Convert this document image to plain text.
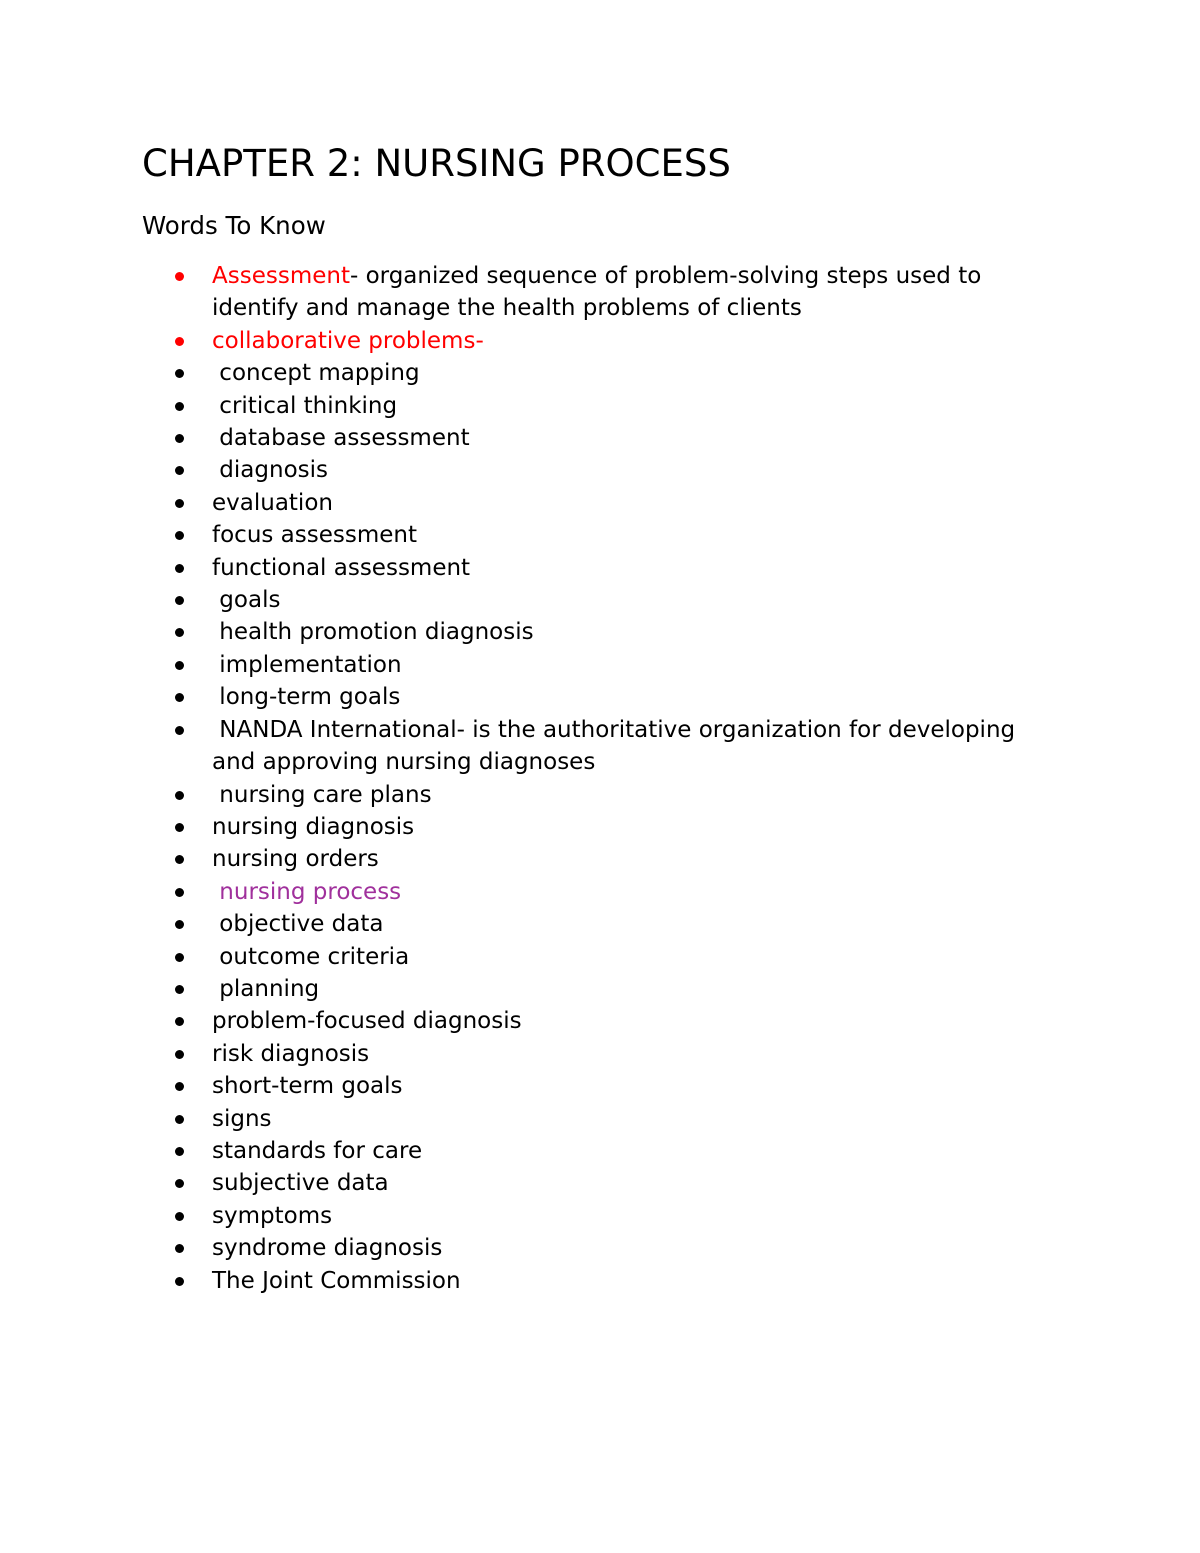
CHAPTER 2: NURSING PROCESS
Words To Know
Assessment- organized sequence of problem-solving steps used to
identify and manage the health problems of clients
collaborative problems-
concept mapping
critical thinking
database assessment
diagnosis
evaluation
focus assessment
functional assessment
goals
health promotion diagnosis
implementation
long-term goals
NANDA International- is the authoritative organization for developing
and approving nursing diagnoses
nursing care plans
nursing diagnosis
nursing orders
nursing process
objective data
outcome criteria
planning
problem-focused diagnosis
risk diagnosis
short-term goals
signs
standards for care
subjective data
symptoms
syndrome diagnosis
The Joint Commission
